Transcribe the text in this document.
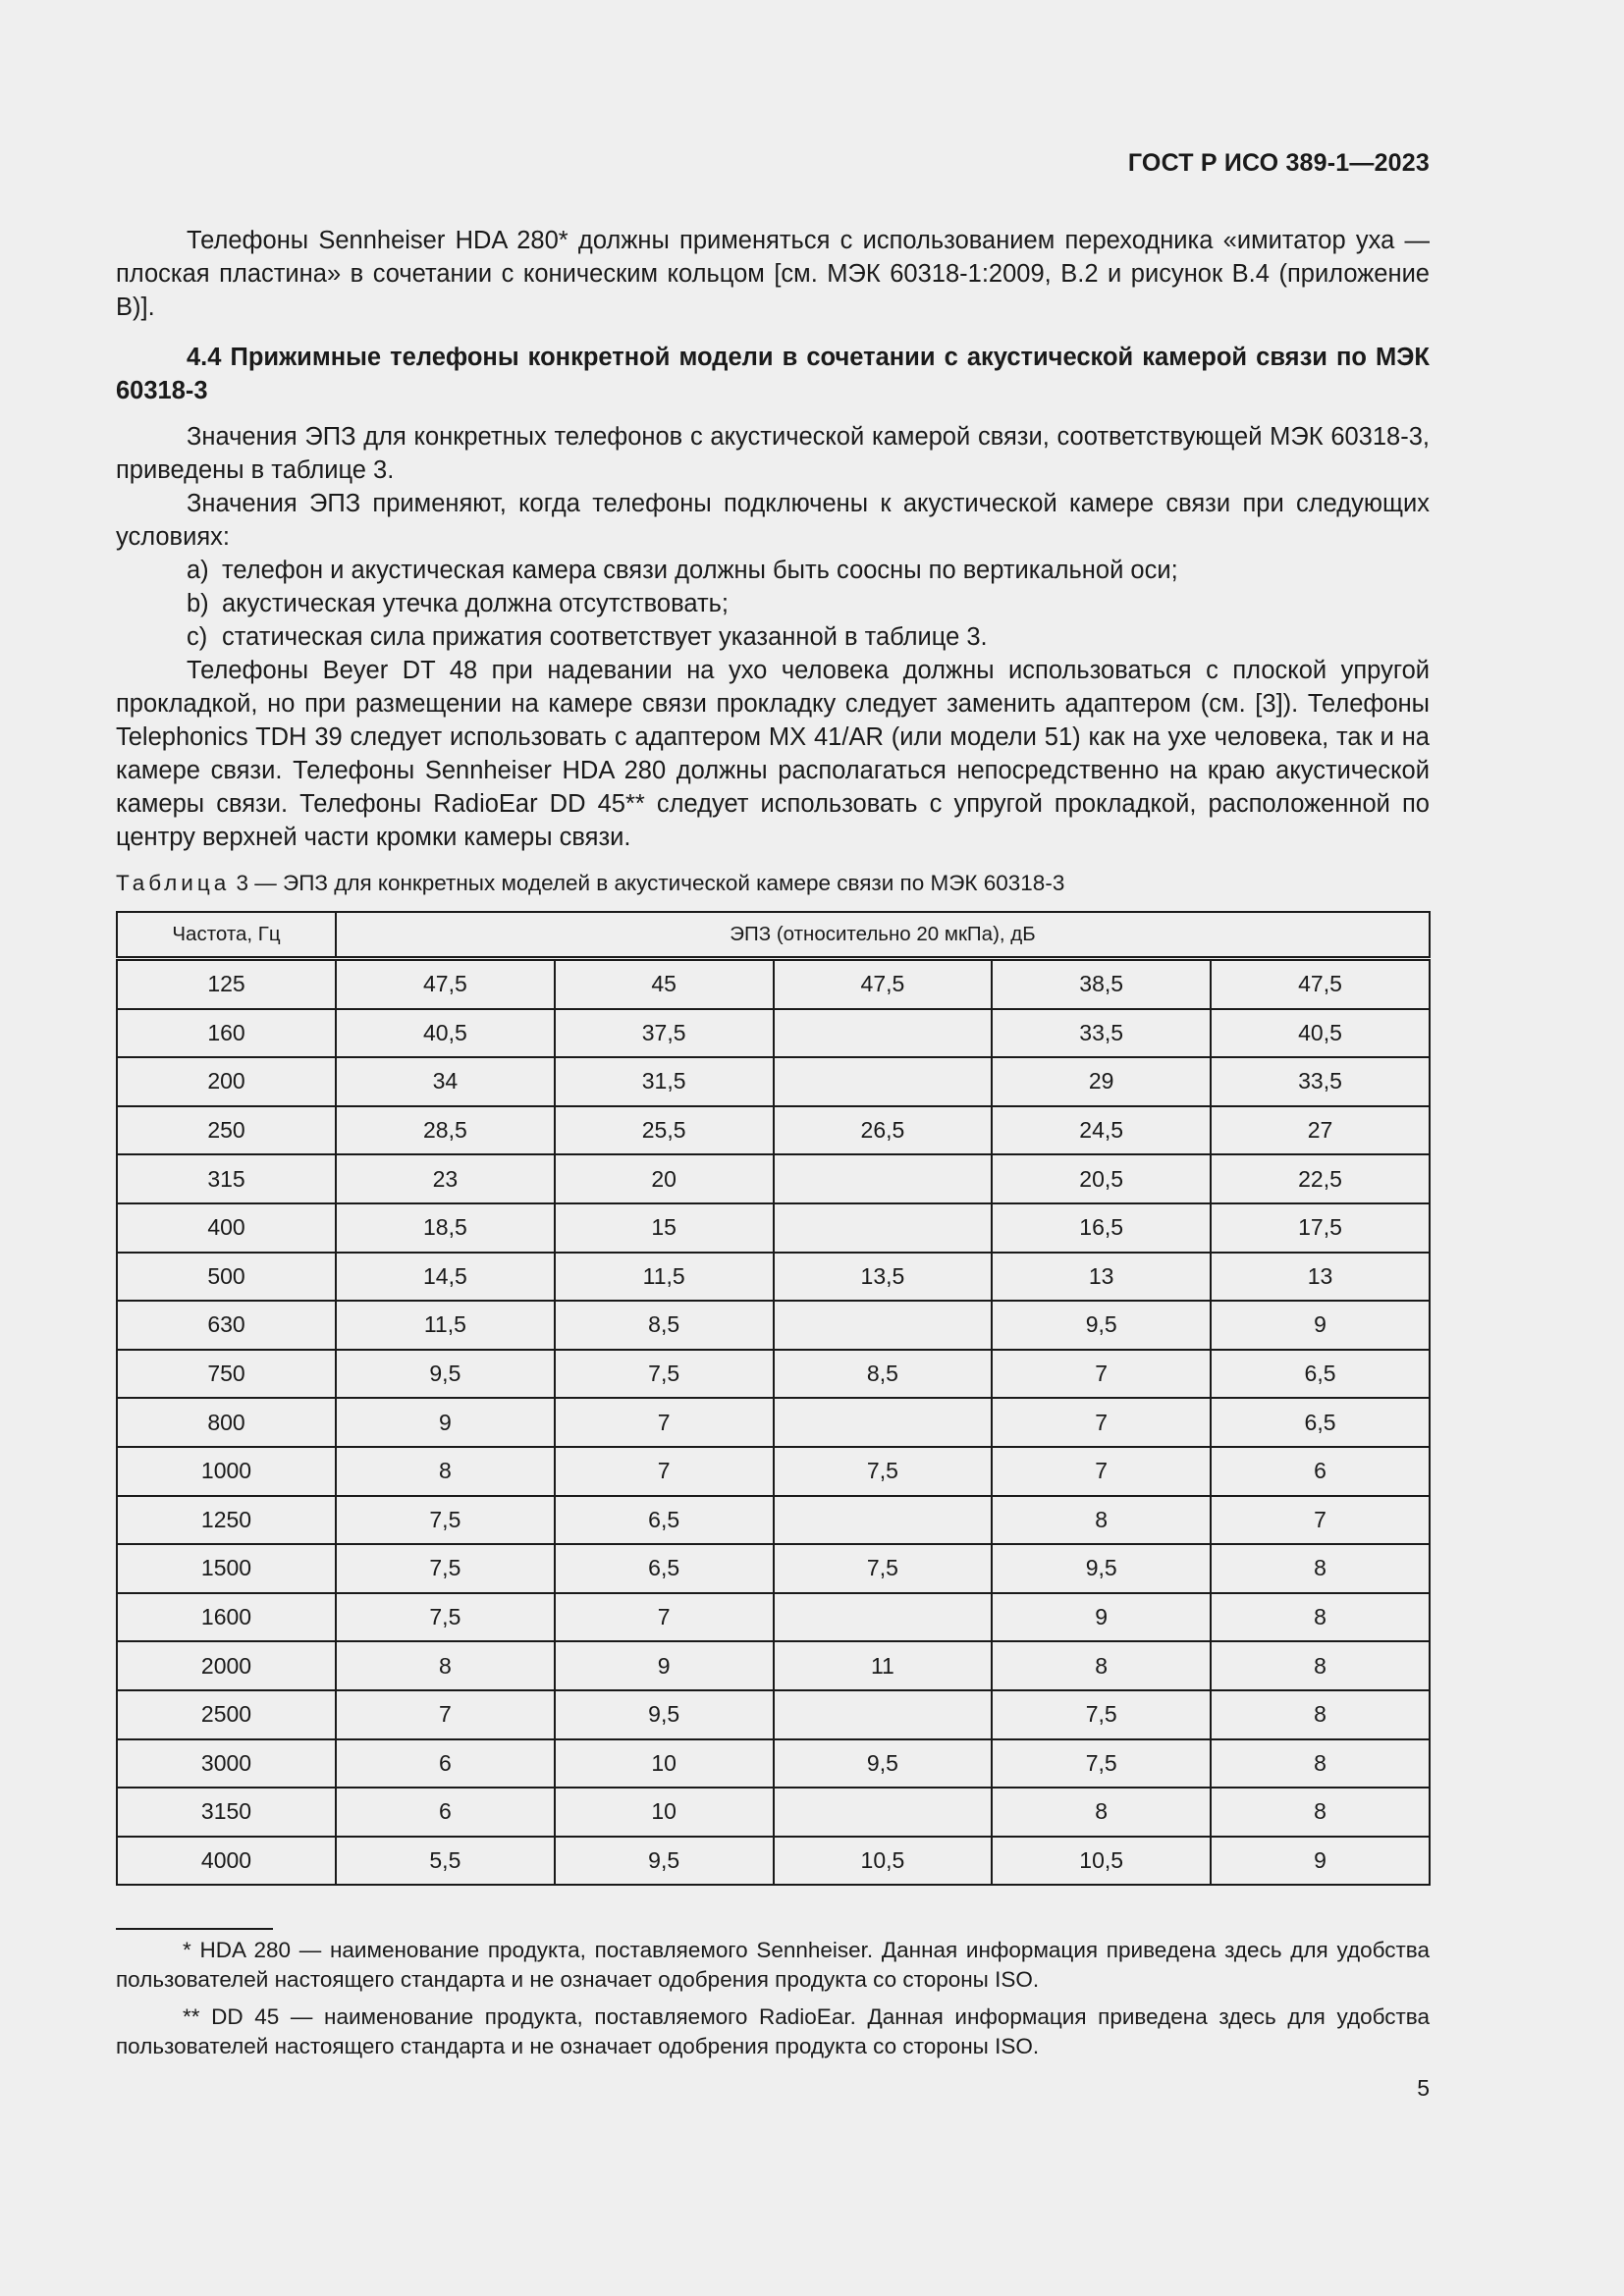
ГОСТ Р ИСО 389-1—2023

Телефоны Sennheiser HDA 280* должны применяться с использованием переходника «имитатор уха — плоская пластина» в сочетании с коническим кольцом [см. МЭК 60318-1:2009, B.2 и рисунок B.4 (приложение B)].

4.4 Прижимные телефоны конкретной модели в сочетании с акустической камерой связи по МЭК 60318-3

Значения ЭПЗ для конкретных телефонов с акустической камерой связи, соответствующей МЭК 60318-3, приведены в таблице 3.

Значения ЭПЗ применяют, когда телефоны подключены к акустической камере связи при следующих условиях:

a) телефон и акустическая камера связи должны быть соосны по вертикальной оси;

b) акустическая утечка должна отсутствовать;

c) статическая сила прижатия соответствует указанной в таблице 3.

Телефоны Beyer DT 48 при надевании на ухо человека должны использоваться с плоской упругой прокладкой, но при размещении на камере связи прокладку следует заменить адаптером (см. [3]). Телефоны Telephonics TDH 39 следует использовать с адаптером MX 41/AR (или модели 51) как на ухе человека, так и на камере связи. Телефоны Sennheiser HDA 280 должны располагаться непосредственно на краю акустической камеры связи. Телефоны RadioEar DD 45** следует использовать с упругой прокладкой, расположенной по центру верхней части кромки камеры связи.

Таблица 3 — ЭПЗ для конкретных моделей в акустической камере связи по МЭК 60318-3
Частота, Гц	ЭПЗ (относительно 20 мкПа), дБ				
125	47,5	45	47,5	38,5	47,5
160	40,5	37,5		33,5	40,5
200	34	31,5		29	33,5
250	28,5	25,5	26,5	24,5	27
315	23	20		20,5	22,5
400	18,5	15		16,5	17,5
500	14,5	11,5	13,5	13	13
630	11,5	8,5		9,5	9
750	9,5	7,5	8,5	7	6,5
800	9	7		7	6,5
1000	8	7	7,5	7	6
1250	7,5	6,5		8	7
1500	7,5	6,5	7,5	9,5	8
1600	7,5	7		9	8
2000	8	9	11	8	8
2500	7	9,5		7,5	8
3000	6	10	9,5	7,5	8
3150	6	10		8	8
4000	5,5	9,5	10,5	10,5	9

* HDA 280 — наименование продукта, поставляемого Sennheiser. Данная информация приведена здесь для удобства пользователей настоящего стандарта и не означает одобрения продукта со стороны ISO.

** DD 45 — наименование продукта, поставляемого RadioEar. Данная информация приведена здесь для удобства пользователей настоящего стандарта и не означает одобрения продукта со стороны ISO.

5
